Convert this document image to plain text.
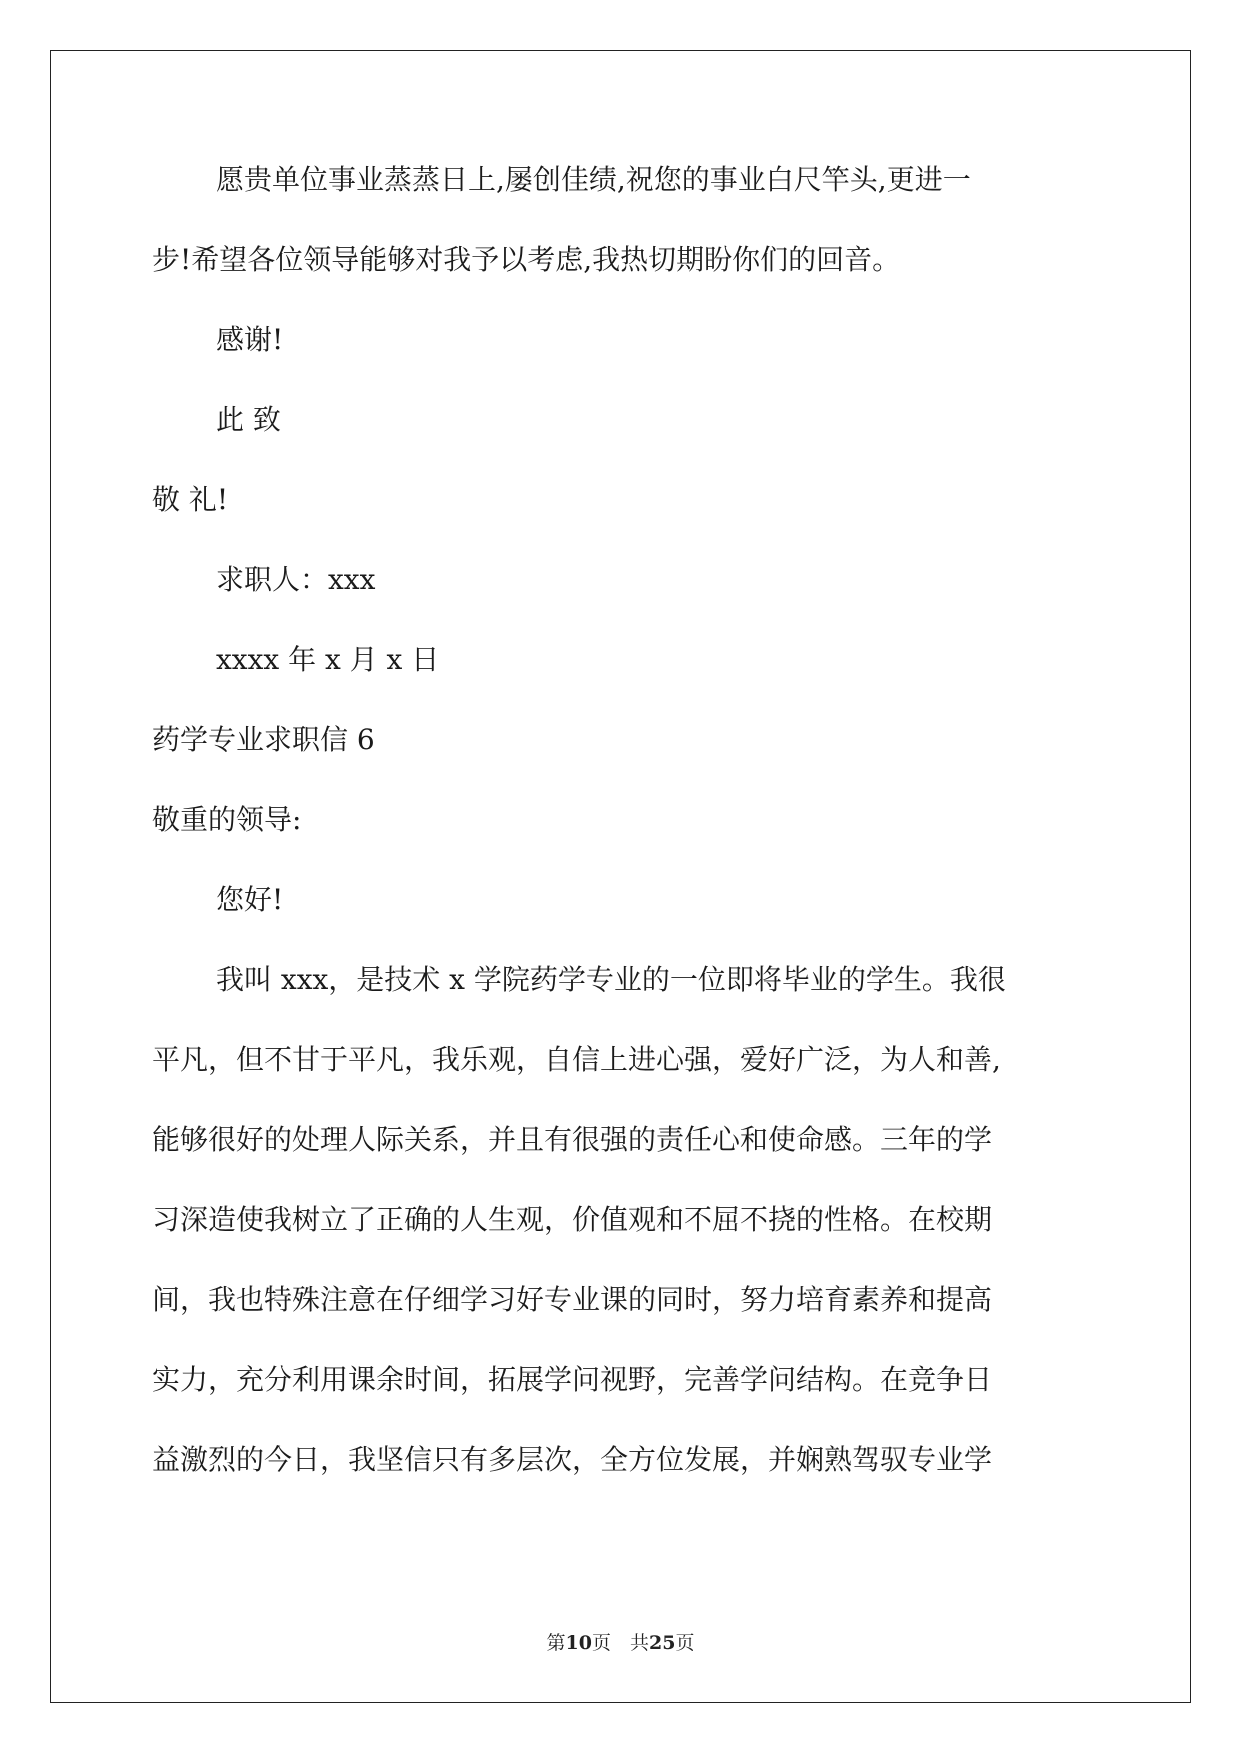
愿贵单位事业蒸蒸日上,屡创佳绩,祝您的事业白尺竿头,更进一
步!希望各位领导能够对我予以考虑,我热切期盼你们的回音。
感谢!
此 致
敬 礼!
求职人：xxx
xxxx 年 x 月 x 日
药学专业求职信 6
敬重的领导:
您好!
我叫 xxx，是技术 x 学院药学专业的一位即将毕业的学生。我很
平凡，但不甘于平凡，我乐观，自信上进心强，爱好广泛，为人和善,
能够很好的处理人际关系，并且有很强的责任心和使命感。三年的学
习深造使我树立了正确的人生观，价值观和不屈不挠的性格。在校期
间，我也特殊注意在仔细学习好专业课的同时，努力培育素养和提高
实力，充分利用课余时间，拓展学问视野，完善学问结构。在竞争日
益激烈的今日，我坚信只有多层次，全方位发展，并娴熟驾驭专业学
第10页　共25页
